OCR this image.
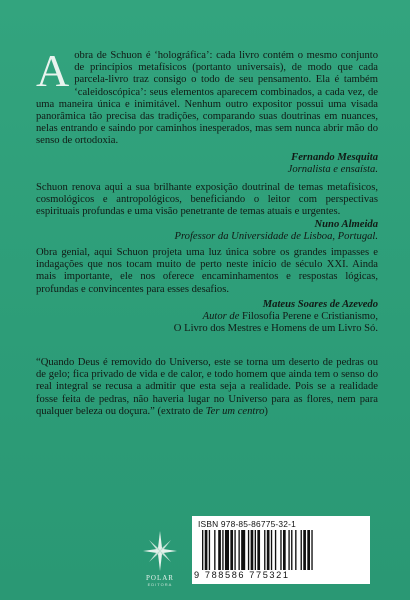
Aobra de Schuon é ‘holográfica’: cada livro contém o mesmo conjunto de princípios metafísicos (portanto universais), de modo que cada parcela-livro traz consigo o todo de seu pensamento. Ela é também ‘caleidoscópica’: seus elementos aparecem combinados, a cada vez, de uma maneira única e inimitável. Nenhum outro expositor possui uma visada panorâmica tão precisa das tradições, comparando suas doutrinas em nuances, nelas entrando e saindo por caminhos inesperados, mas sem nunca abrir mão do senso de ortodoxia.
Fernando Mesquita
Jornalista e ensaísta.
Schuon renova aqui a sua brilhante exposição doutrinal de temas metafísicos, cosmológicos e antropológicos, beneficiando o leitor com perspectivas espirituais profundas e uma visão penetrante de temas atuais e urgentes.
Nuno Almeida
Professor da Universidade de Lisboa, Portugal.
Obra genial, aqui Schuon projeta uma luz única sobre os grandes impasses e indagações que nos tocam muito de perto neste início de século XXI. Ainda mais importante, ele nos oferece encaminhamentos e respostas lógicas, profundas e convincentes para esses desafios.
Mateus Soares de Azevedo
Autor de Filosofia Perene e Cristianismo,
O Livro dos Mestres e Homens de um Livro Só.
“Quando Deus é removido do Universo, este se torna um deserto de pedras ou de gelo; fica privado de vida e de calor, e todo homem que ainda tem o senso do real integral se recusa a admitir que esta seja a realidade. Pois se a realidade fosse feita de pedras, não haveria lugar no Universo para as flores, nem para qualquer beleza ou doçura.” (extrato de Ter um centro)
POLAR
EDITORA
ISBN 978-85-86775-32-1
9 788586 775321
